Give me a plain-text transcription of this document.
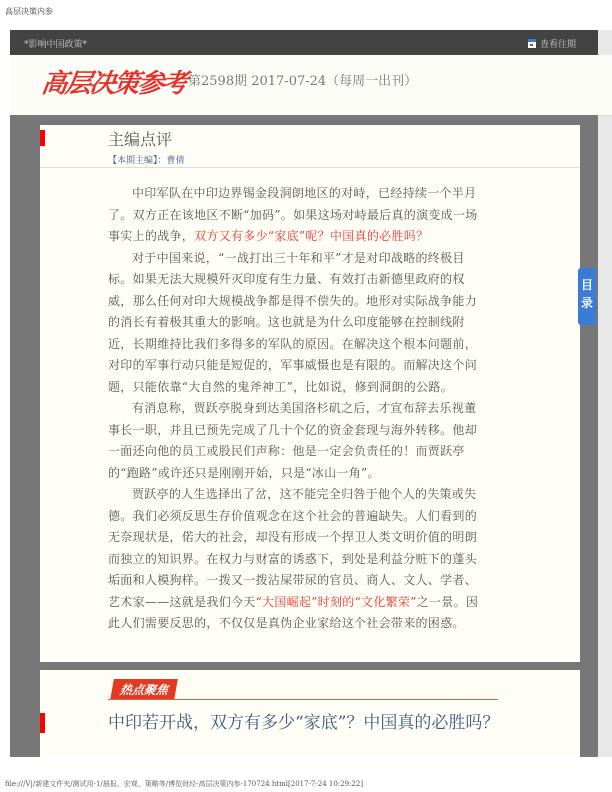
高层决策内参
*影响中国政策*	查看往期
高层决策参考 第2598期 2017-07-24（每周一出刊）
主编点评
【本期主编】：曹倩

中印军队在中印边界锡金段洞朗地区的对峙，已经持续一个半月了。双方正在该地区不断“加码”。如果这场对峙最后真的演变成一场事实上的战争，双方又有多少“家底”呢？中国真的必胜吗？

对于中国来说，“一战打出三十年和平”才是对印战略的终极目标。如果无法大规模歼灭印度有生力量、有效打击新德里政府的权威，那么任何对印大规模战争都是得不偿失的。地形对实际战争能力的消长有着极其重大的影响。这也就是为什么印度能够在控制线附近，长期维持比我们多得多的军队的原因。在解决这个根本问题前，对印的军事行动只能是短促的，军事威慑也是有限的。而解决这个问题，只能依靠“大自然的鬼斧神工”，比如说，修到洞朗的公路。

有消息称，贾跃亭脱身到达美国洛杉矶之后，才宣布辞去乐视董事长一职，并且已预先完成了几十个亿的资金套现与海外转移。他却一面还向他的员工或股民们声称：他是一定会负责任的！而贾跃亭的“跑路”或许还只是刚刚开始，只是“冰山一角”。

贾跃亭的人生选择出了岔，这不能完全归咎于他个人的失策或失德。我们必须反思生存价值观念在这个社会的普遍缺失。人们看到的无奈现状是，偌大的社会，却没有形成一个捍卫人类文明价值的明朗而独立的知识界。在权力与财富的诱惑下，到处是利益分赃下的蓬头垢面和人模狗样。一拨又一拨沾屎带尿的官员、商人、文人、学者、艺术家——这就是我们今天“大国崛起”时刻的“文化繁荣”之一景。因此人们需要反思的，不仅仅是真伪企业家给这个社会带来的困惑。

热点聚焦
中印若开战，双方有多少“家底”？中国真的必胜吗？
目录
file:///V|/新建文件夹/测试用-1/晨报、宏观、策略等/博览财经-高层决策内参-170724.html[2017-7-24 10:29:22]
